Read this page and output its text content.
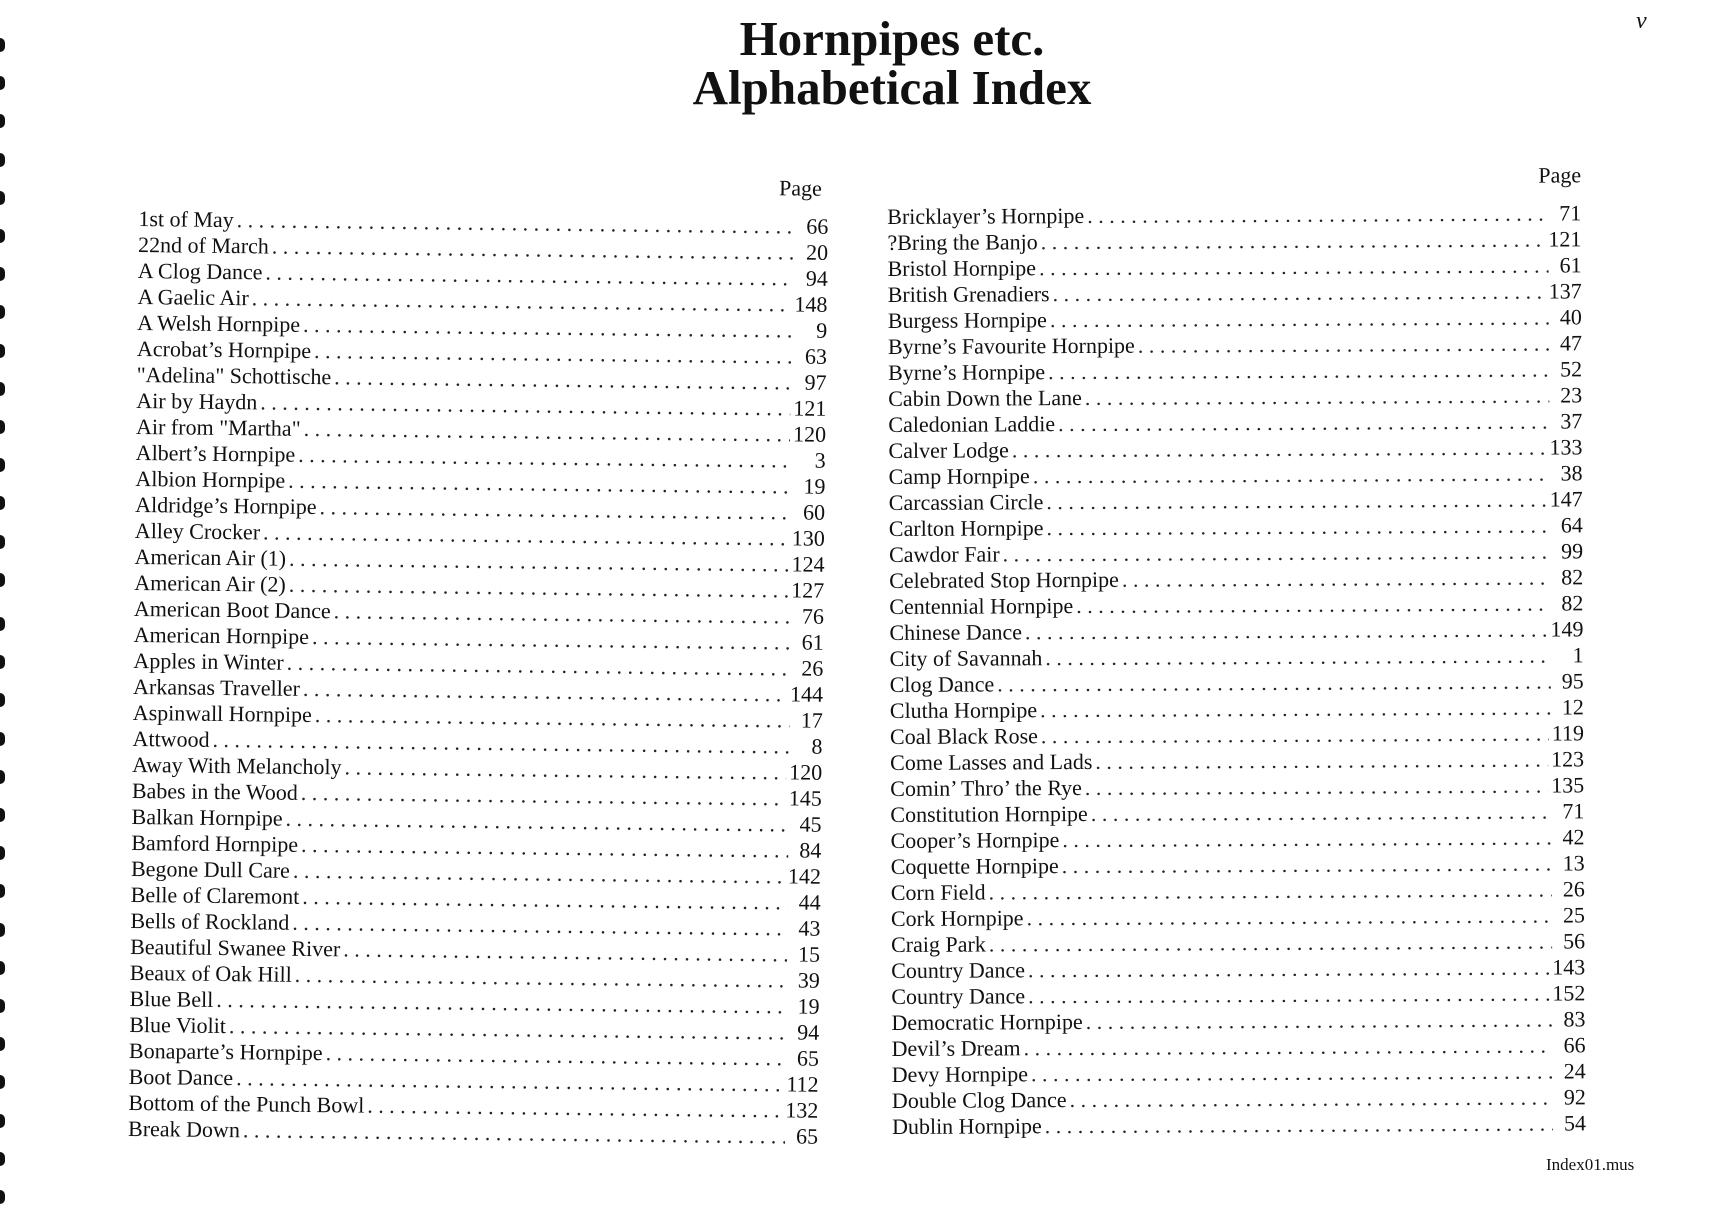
v
Hornpipes etc.
Alphabetical Index
Page
1st of May . . .	66
22nd of March . . .	20
A Clog Dance . . .	94
A Gaelic Air . . .	148
A Welsh Hornpipe . . .	9
Acrobat’s Hornpipe . . .	63
"Adelina" Schottische . . .	97
Air by Haydn . . .	121
Air from "Martha" . . .	120
Albert’s Hornpipe . . .	3
Albion Hornpipe . . .	19
Aldridge’s Hornpipe . . .	60
Alley Crocker . . .	130
American Air (1) . . .	124
American Air (2) . . .	127
American Boot Dance . . .	76
American Hornpipe . . .	61
Apples in Winter . . .	26
Arkansas Traveller . . .	144
Aspinwall Hornpipe . . .	17
Attwood . . .	8
Away With Melancholy . . .	120
Babes in the Wood . . .	145
Balkan Hornpipe . . .	45
Bamford Hornpipe . . .	84
Begone Dull Care . . .	142
Belle of Claremont . . .	44
Bells of Rockland . . .	43
Beautiful Swanee River . . .	15
Beaux of Oak Hill . . .	39
Blue Bell . . .	19
Blue Violit . . .	94
Bonaparte’s Hornpipe . . .	65
Boot Dance . . .	112
Bottom of the Punch Bowl . . .	132
Break Down . . .	65
Page
Bricklayer’s Hornpipe . . .	71
?Bring the Banjo . . .	121
Bristol Hornpipe . . .	61
British Grenadiers . . .	137
Burgess Hornpipe . . .	40
Byrne’s Favourite Hornpipe . . .	47
Byrne’s Hornpipe . . .	52
Cabin Down the Lane . . .	23
Caledonian Laddie . . .	37
Calver Lodge . . .	133
Camp Hornpipe . . .	38
Carcassian Circle . . .	147
Carlton Hornpipe . . .	64
Cawdor Fair . . .	99
Celebrated Stop Hornpipe . . .	82
Centennial Hornpipe . . .	82
Chinese Dance . . .	149
City of Savannah . . .	1
Clog Dance . . .	95
Clutha Hornpipe . . .	12
Coal Black Rose . . .	119
Come Lasses and Lads . . .	123
Comin’ Thro’ the Rye . . .	135
Constitution Hornpipe . . .	71
Cooper’s Hornpipe . . .	42
Coquette Hornpipe . . .	13
Corn Field . . .	26
Cork Hornpipe . . .	25
Craig Park . . .	56
Country Dance . . .	143
Country Dance . . .	152
Democratic Hornpipe . . .	83
Devil’s Dream . . .	66
Devy Hornpipe . . .	24
Double Clog Dance . . .	92
Dublin Hornpipe . . .	54
Index01.mus
